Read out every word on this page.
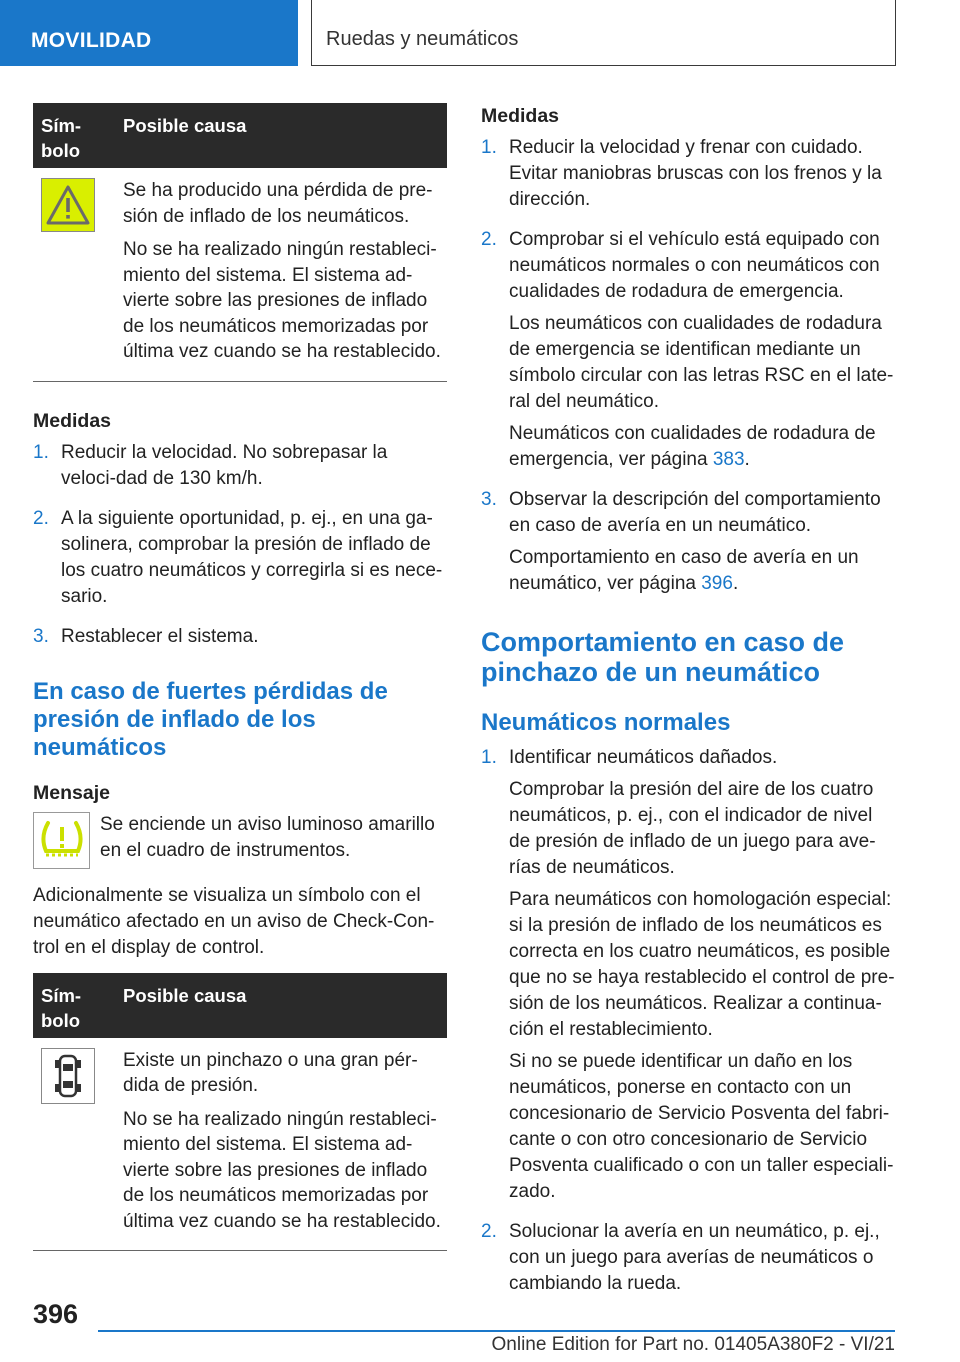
MOVILIDAD	Ruedas y neumáticos
Sím-
bolo
Posible causa

Se ha producido una pérdida de pre-sión de inflado de los neumáticos.

No se ha realizado ningún restableci-miento del sistema. El sistema ad-vierte sobre las presiones de inflado de los neumáticos memorizadas por última vez cuando se ha restablecido.

Medidas
1. Reducir la velocidad. No sobrepasar la veloci-dad de 130 km/h.

2. A la siguiente oportunidad, p. ej., en una ga-solinera, comprobar la presión de inflado de los cuatro neumáticos y corregirla si es nece-sario.

3. Restablecer el sistema.

En caso de fuertes pérdidas de presión de inflado de los neumáticos
Mensaje

Se enciende un aviso luminoso amarillo en el cuadro de instrumentos.

Adicionalmente se visualiza un símbolo con el neumático afectado en un aviso de Check-Con-trol en el display de control.

Sím-
bolo
Posible causa

Existe un pinchazo o una gran pér-dida de presión.

No se ha realizado ningún restableci-miento del sistema. El sistema ad-vierte sobre las presiones de inflado de los neumáticos memorizadas por última vez cuando se ha restablecido.

Medidas
1. Reducir la velocidad y frenar con cuidado. Evitar maniobras bruscas con los frenos y la dirección.

2. Comprobar si el vehículo está equipado con neumáticos normales o con neumáticos con cualidades de rodadura de emergencia.

Los neumáticos con cualidades de rodadura de emergencia se identifican mediante un símbolo circular con las letras RSC en el late-ral del neumático.

Neumáticos con cualidades de rodadura de emergencia, ver página 383.

3. Observar la descripción del comportamiento en caso de avería en un neumático.

Comportamiento en caso de avería en un neumático, ver página 396.

Comportamiento en caso de pinchazo de un neumático
Neumáticos normales
1. Identificar neumáticos dañados.

Comprobar la presión del aire de los cuatro neumáticos, p. ej., con el indicador de nivel de presión de inflado de un juego para ave-rías de neumáticos.

Para neumáticos con homologación especial: si la presión de inflado de los neumáticos es correcta en los cuatro neumáticos, es posible que no se haya restablecido el control de pre-sión de los neumáticos. Realizar a continua-ción el restablecimiento.

Si no se puede identificar un daño en los neumáticos, ponerse en contacto con un concesionario de Servicio Posventa del fabri-cante o con otro concesionario de Servicio Posventa cualificado o con un taller especiali-zado.

2. Solucionar la avería en un neumático, p. ej., con un juego para averías de neumáticos o cambiando la rueda.

396
Online Edition for Part no. 01405A380F2 - VI/21
